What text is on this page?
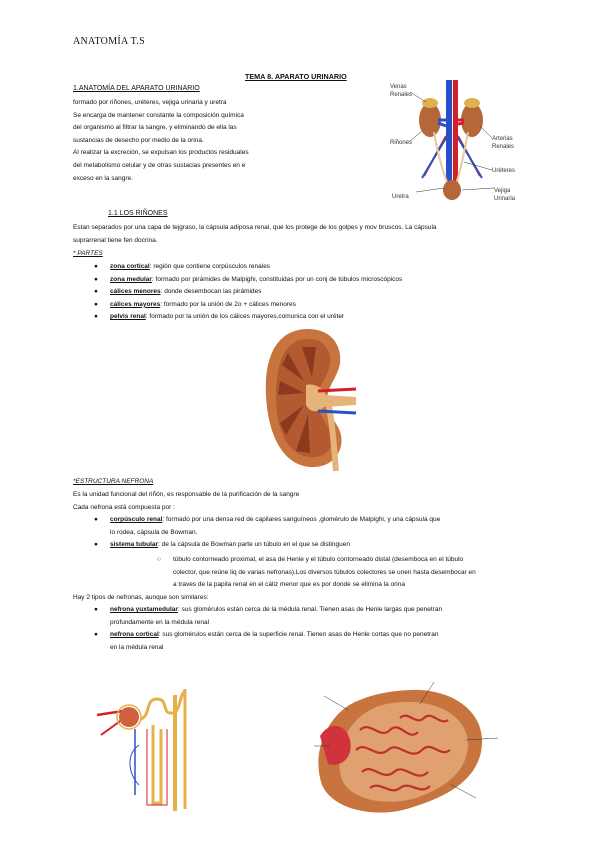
ANATOMÍA T.S
TEMA 8. APARATO URINARIO
1.ANATOMÍA DEL APARATO URINARIO
formado por riñones, uréteres, vejiga urinaria y uretra
Se encarga de mantener constante la composición química
del organismo al filtrar la sangre, y eliminando de ella las
sustancias de desecho por medio de la orina.
Al realizar la excreción, se expulsan los productos residuales
del metabolismo celular y de otras sustacias presentes en e
exceso en la sangre.
Venas
Renales
Riñones
Arterias
Renales
Uréteres
Uretra
Vejiga
Urinaria
1.1 LOS RIÑONES
Estan separados por una capa de tejgraso, la cápsula adiposa renal, que los protege de los golpes y mov bruscos. La cápsula
suprarrenal tiene fen docrina.
* PARTES
● zona cortical: región que contiene corpúsculos renales
● zona medular: formado por pirámides de Malpighi, constituidas por un conj de túbulos microscópicos
● cálices menores: donde desembocan las pirámides
● cálices mayores: formado por la unión de 2o + cálices menores
● pelvis renal: formado por la unión de los cálices mayores,comunica con el uréter
*ESTRUCTURA NEFRONA
Es la unidad funcional del riñón, es responsable de la purificación de la sangre
Cada nefrona está compuesta por :
● corpúsculo renal: formado por una densa red de capilares sanguíneos ,glomérulo de Malpighi, y una cápsula que
lo rodea, cápsula de Bowman.
● sistema tubular: de la cápsula de Bowman parte un túbulo en el que se distinguen
○ túbulo contorneado proximal, el asa de Henle y el túbulo contorneado distal (desemboca en el túbulo
colector, que reúne liq de varias nefronas).Los diversos túbulos colectores se unen hasta desembocar en
a traves de la papila renal en el cáliz menor que es por donde se elimina la orina
Hay 2 tipos de nefronas, aunque son similares:
● nefrona yuxtamedular: sus glomérulos están cerca de la médula renal. Tienen asas de Henle largas que penetran
profundamente en la médula renal
● nefrona cortical: sus glomérulos están cerca de la superficie renal. Tienen asas de Henle cortas que no penetran
en la médula renal
